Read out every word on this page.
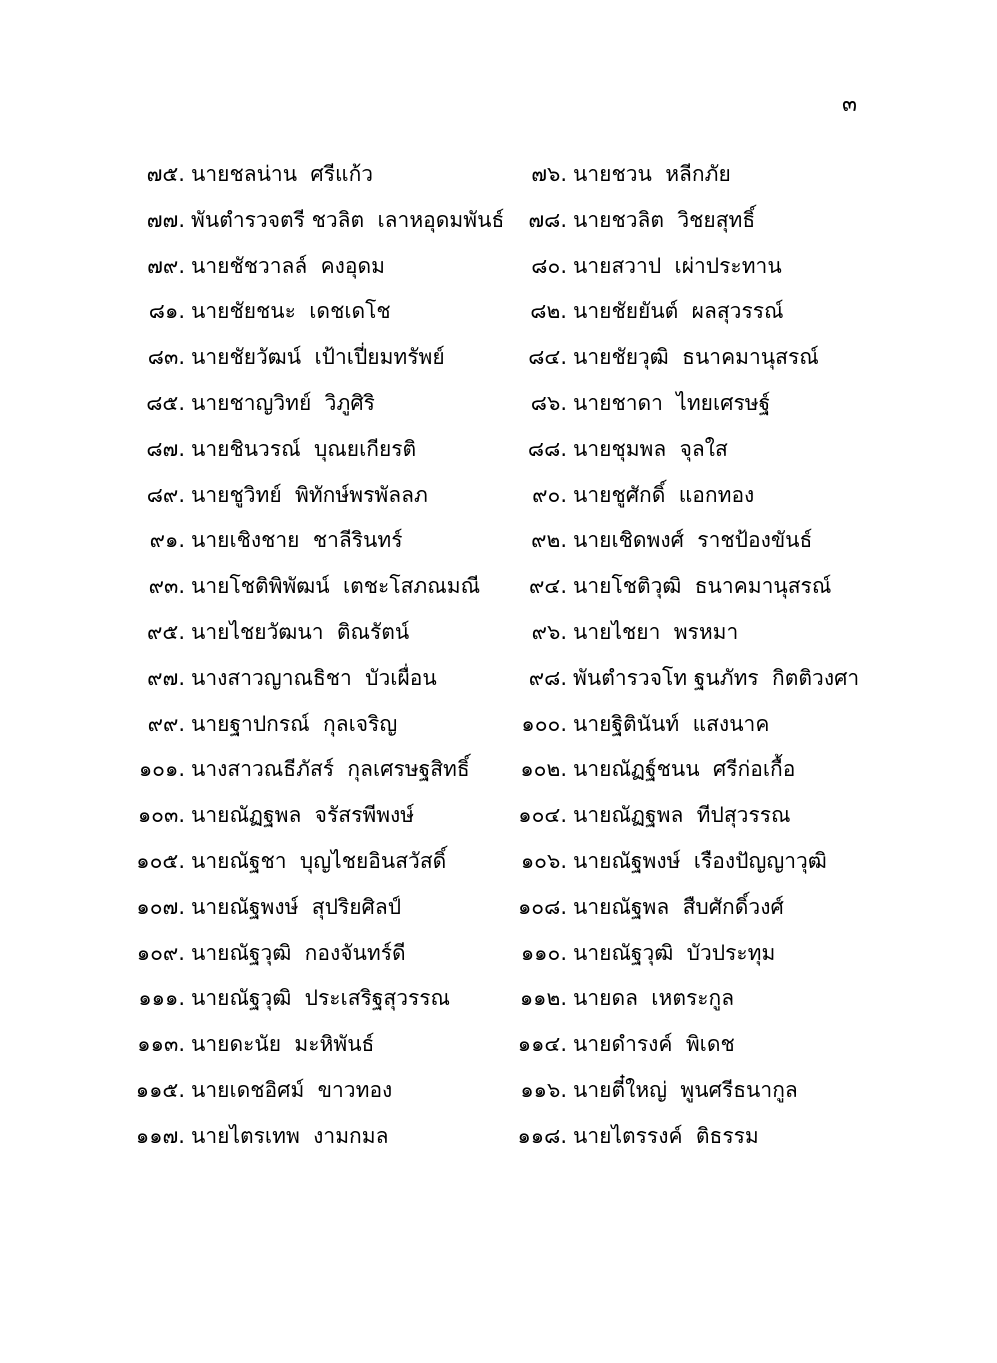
๓
๗๕. นายชลน่าน  ศรีแก้ว	๗๖. นายชวน  หลีกภัย
๗๗. พันตำรวจตรี ชวลิต  เลาหอุดมพันธ์	๗๘. นายชวลิต  วิชยสุทธิ์
๗๙. นายชัชวาลล์  คงอุดม	๘๐. นายสวาป  เผ่าประทาน
๘๑. นายชัยชนะ  เดชเดโช	๘๒. นายชัยยันต์  ผลสุวรรณ์
๘๓. นายชัยวัฒน์  เป้าเปี่ยมทรัพย์	๘๔. นายชัยวุฒิ  ธนาคมานุสรณ์
๘๕. นายชาญวิทย์  วิภูศิริ	๘๖. นายชาดา  ไทยเศรษฐ์
๘๗. นายชินวรณ์  บุณยเกียรติ	๘๘. นายชุมพล  จุลใส
๘๙. นายชูวิทย์  พิทักษ์พรพัลลภ	๙๐. นายชูศักดิ์  แอกทอง
๙๑. นายเชิงชาย  ชาลีรินทร์	๙๒. นายเชิดพงศ์  ราชป้องขันธ์
๙๓. นายโชติพิพัฒน์  เตชะโสภณมณี	๙๔. นายโชติวุฒิ  ธนาคมานุสรณ์
๙๕. นายไชยวัฒนา  ติณรัตน์	๙๖. นายไชยา  พรหมา
๙๗. นางสาวญาณธิชา  บัวเผื่อน	๙๘. พันตำรวจโท ฐนภัทร  กิตติวงศา
๙๙. นายฐาปกรณ์  กุลเจริญ	๑๐๐. นายฐิตินันท์  แสงนาค
๑๐๑. นางสาวณธีภัสร์  กุลเศรษฐสิทธิ์	๑๐๒. นายณัฏฐ์ชนน  ศรีก่อเกื้อ
๑๐๓. นายณัฏฐพล  จรัสรพีพงษ์	๑๐๔. นายณัฏฐพล  ทีปสุวรรณ
๑๐๕. นายณัฐชา  บุญไชยอินสวัสดิ์	๑๐๖. นายณัฐพงษ์  เรืองปัญญาวุฒิ
๑๐๗. นายณัฐพงษ์  สุปริยศิลป์	๑๐๘. นายณัฐพล  สืบศักดิ์วงศ์
๑๐๙. นายณัฐวุฒิ  กองจันทร์ดี	๑๑๐. นายณัฐวุฒิ  บัวประทุม
๑๑๑. นายณัฐวุฒิ  ประเสริฐสุวรรณ	๑๑๒. นายดล  เหตระกูล
๑๑๓. นายดะนัย  มะหิพันธ์	๑๑๔. นายดำรงค์  พิเดช
๑๑๕. นายเดชอิศม์  ขาวทอง	๑๑๖. นายตี๋ใหญ่  พูนศรีธนากูล
๑๑๗. นายไตรเทพ  งามกมล	๑๑๘. นายไตรรงค์  ติธรรม
